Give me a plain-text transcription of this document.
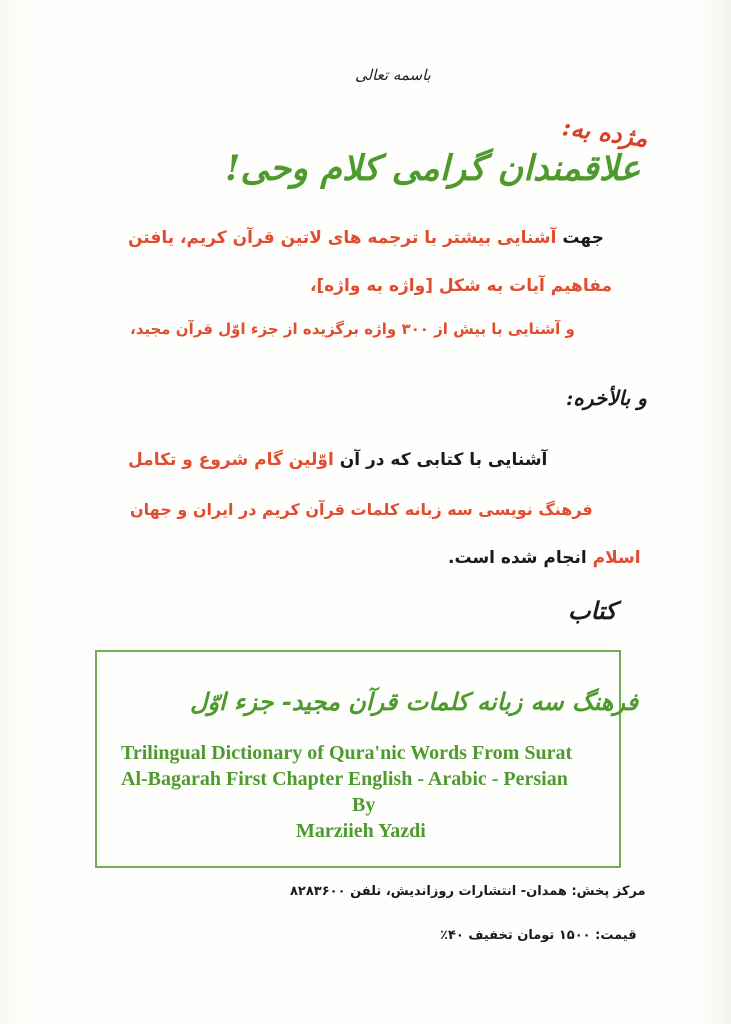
باسمه تعالی
مژده به:
علاقمندان گرامی کلام وحی!
جهت آشنایی بیشتر با ترجمه های لاتین قرآن کریم، یافتن
مفاهیم آیات به شکل [واژه به واژه]،
و آشنایی با بیش از ۳۰۰ واژه برگزیده از جزء اوّل قرآن مجید،
و بالأخره:
آشنایی با کتابی که در آن اوّلین گام شروع و تکامل
فرهنگ نویسی سه زبانه کلمات قرآن کریم در ایران و جهان
اسلام انجام شده است.
کتاب
فرهنگ سه زبانه کلمات قرآن مجید- جزء اوّل
Trilingual Dictionary of Qura'nic Words From Surat
Al-Bagarah First Chapter English - Arabic - Persian
By
Marziieh Yazdi
مرکز پخش: همدان- انتشارات روزاندیش، تلفن ۸۲۸۳۶۰۰
قیمت: ۱۵۰۰ تومان تخفیف ۴۰٪
